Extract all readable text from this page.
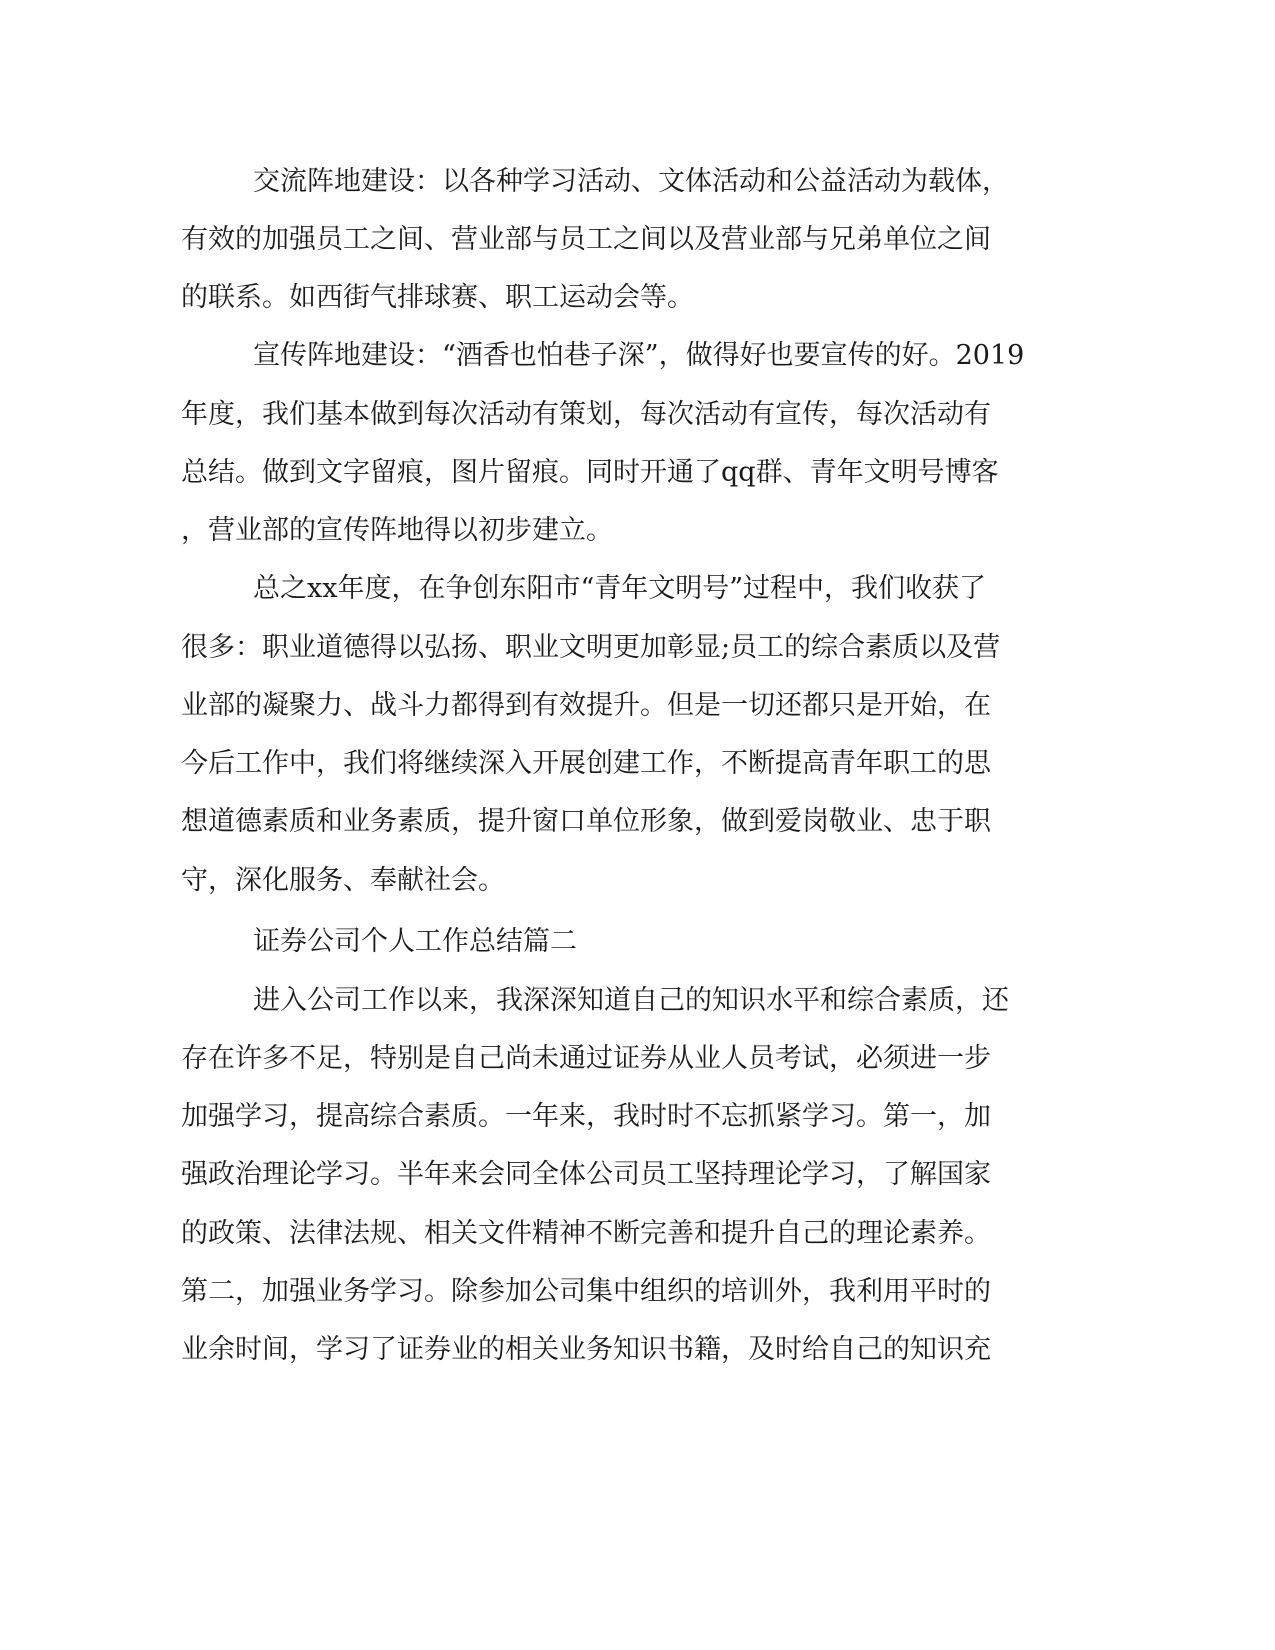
交流阵地建设：以各种学习活动、文体活动和公益活动为载体，
有效的加强员工之间、营业部与员工之间以及营业部与兄弟单位之间
的联系。如西街气排球赛、职工运动会等。
宣传阵地建设：“酒香也怕巷子深”，做得好也要宣传的好。2019
年度，我们基本做到每次活动有策划，每次活动有宣传，每次活动有
总结。做到文字留痕，图片留痕。同时开通了qq群、青年文明号博客
，营业部的宣传阵地得以初步建立。
总之xx年度，在争创东阳市“青年文明号”过程中，我们收获了
很多：职业道德得以弘扬、职业文明更加彰显;员工的综合素质以及营
业部的凝聚力、战斗力都得到有效提升。但是一切还都只是开始，在
今后工作中，我们将继续深入开展创建工作，不断提高青年职工的思
想道德素质和业务素质，提升窗口单位形象，做到爱岗敬业、忠于职
守，深化服务、奉献社会。
证券公司个人工作总结篇二
进入公司工作以来，我深深知道自己的知识水平和综合素质，还
存在许多不足，特别是自己尚未通过证券从业人员考试，必须进一步
加强学习，提高综合素质。一年来，我时时不忘抓紧学习。第一，加
强政治理论学习。半年来会同全体公司员工坚持理论学习，了解国家
的政策、法律法规、相关文件精神不断完善和提升自己的理论素养。
第二，加强业务学习。除参加公司集中组织的培训外，我利用平时的
业余时间，学习了证券业的相关业务知识书籍，及时给自己的知识充
